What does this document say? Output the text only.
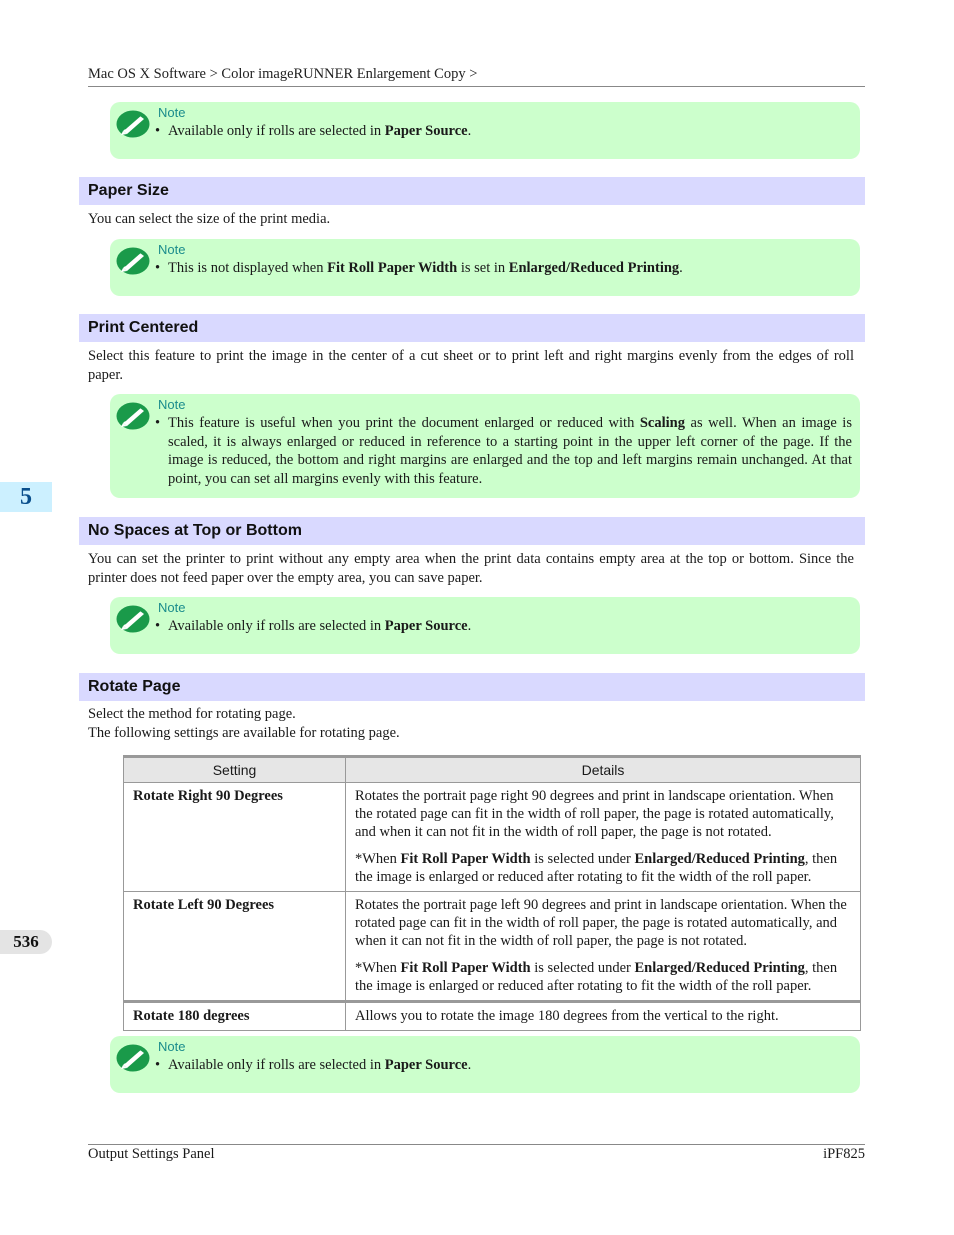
Mac OS X Software > Color imageRUNNER Enlargement Copy >
Note
• Available only if rolls are selected in Paper Source.
Paper Size
You can select the size of the print media.
Note
• This is not displayed when Fit Roll Paper Width is set in Enlarged/Reduced Printing.
Print Centered
Select this feature to print the image in the center of a cut sheet or to print left and right margins evenly from the edges of roll paper.
Note
• This feature is useful when you print the document enlarged or reduced with Scaling as well. When an image is scaled, it is always enlarged or reduced in reference to a starting point in the upper left corner of the page. If the image is reduced, the bottom and right margins are enlarged and the top and left margins remain unchanged. At that point, you can set all margins evenly with this feature.
No Spaces at Top or Bottom
You can set the printer to print without any empty area when the print data contains empty area at the top or bottom. Since the printer does not feed paper over the empty area, you can save paper.
Note
• Available only if rolls are selected in Paper Source.
Rotate Page
Select the method for rotating page.
The following settings are available for rotating page.
Setting	Details
Rotate Right 90 Degrees	Rotates the portrait page right 90 degrees and print in landscape orientation. When the rotated page can fit in the width of roll paper, the page is rotated automatically, and when it can not fit in the width of roll paper, the page is not rotated.

*When Fit Roll Paper Width is selected under Enlarged/Reduced Printing, then the image is enlarged or reduced after rotating to fit the width of the roll paper.

Rotate Left 90 Degrees	Rotates the portrait page left 90 degrees and print in landscape orientation. When the rotated page can fit in the width of roll paper, the page is rotated automatically, and when it can not fit in the width of roll paper, the page is not rotated.

*When Fit Roll Paper Width is selected under Enlarged/Reduced Printing, then the image is enlarged or reduced after rotating to fit the width of the roll paper.

Rotate 180 degrees	Allows you to rotate the image 180 degrees from the vertical to the right.

Note
• Available only if rolls are selected in Paper Source.
5
536
Output Settings Panel	iPF825
